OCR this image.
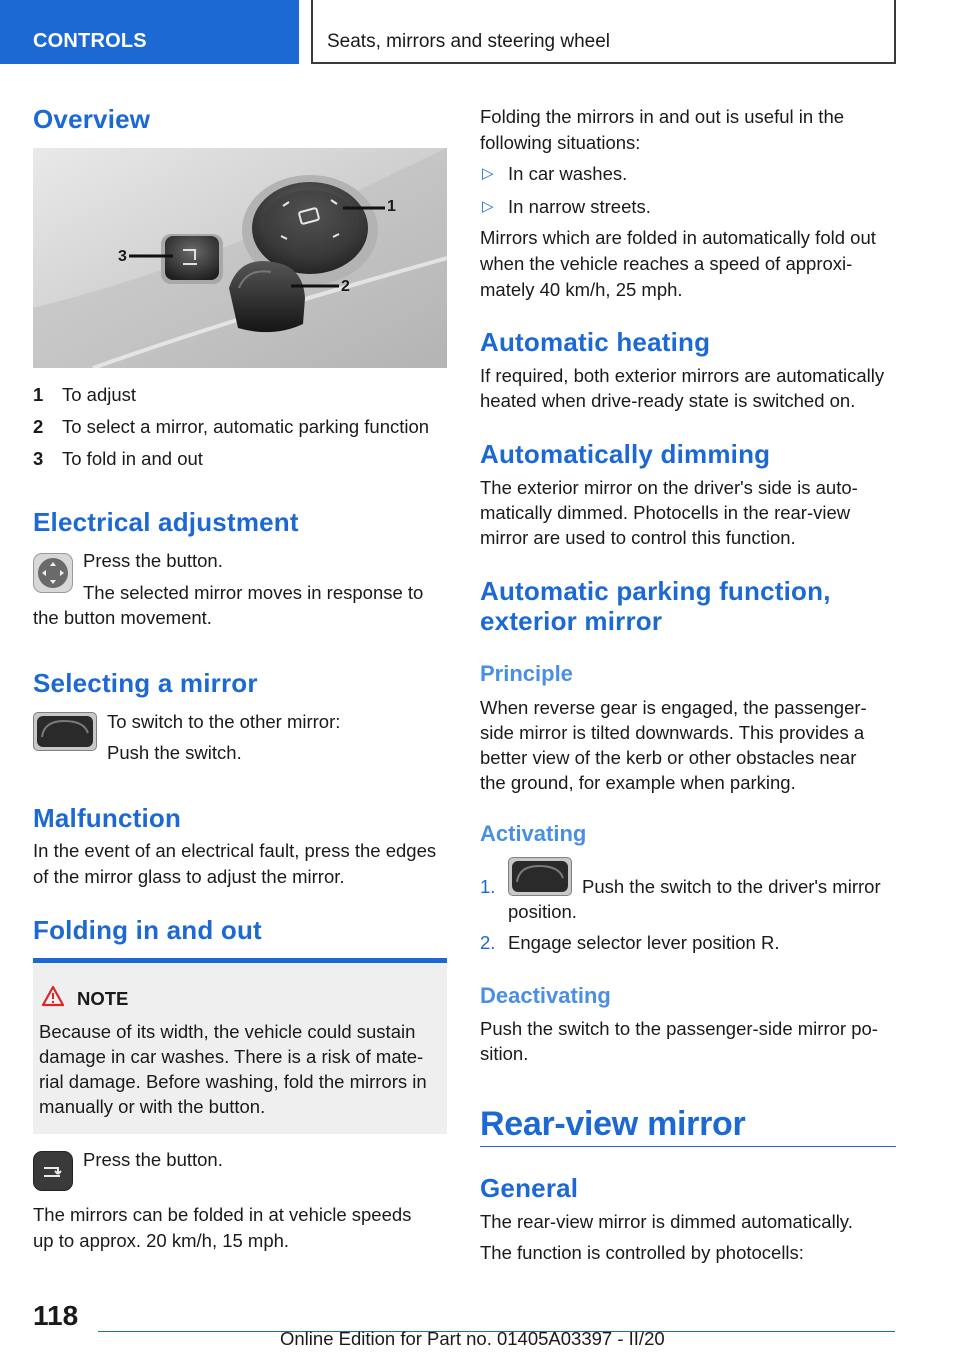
CONTROLS	Seats, mirrors and steering wheel
Overview
1
2
3
1 To adjust
2 To select a mirror, automatic parking function
3 To fold in and out
Electrical adjustment

Press the button.

The selected mirror moves in response to

the button movement.

Selecting a mirror

To switch to the other mirror:

Push the switch.

Malfunction

In the event of an electrical fault, press the edges

of the mirror glass to adjust the mirror.

Folding in and out
NOTE

Because of its width, the vehicle could sustain

damage in car washes. There is a risk of mate-

rial damage. Before washing, fold the mirrors in

manually or with the button.

Press the button.

The mirrors can be folded in at vehicle speeds

up to approx. 20 km/h, 15 mph.

Folding the mirrors in and out is useful in the

following situations:

▷ In car washes.
▷ In narrow streets.

Mirrors which are folded in automatically fold out

when the vehicle reaches a speed of approxi-

mately 40 km/h, 25 mph.

Automatic heating

If required, both exterior mirrors are automatically

heated when drive-ready state is switched on.

Automatically dimming

The exterior mirror on the driver's side is auto-

matically dimmed. Photocells in the rear-view

mirror are used to control this function.

Automatic parking function,
exterior mirror
Principle

When reverse gear is engaged, the passenger-

side mirror is tilted downwards. This provides a

better view of the kerb or other obstacles near

the ground, for example when parking.

Activating
1.	Push the switch to the driver's mirror

position.

2. Engage selector lever position R.

Deactivating

Push the switch to the passenger-side mirror po-

sition.

Rear-view mirror
General

The rear-view mirror is dimmed automatically.

The function is controlled by photocells:

118
Online Edition for Part no. 01405A03397 - II/20
